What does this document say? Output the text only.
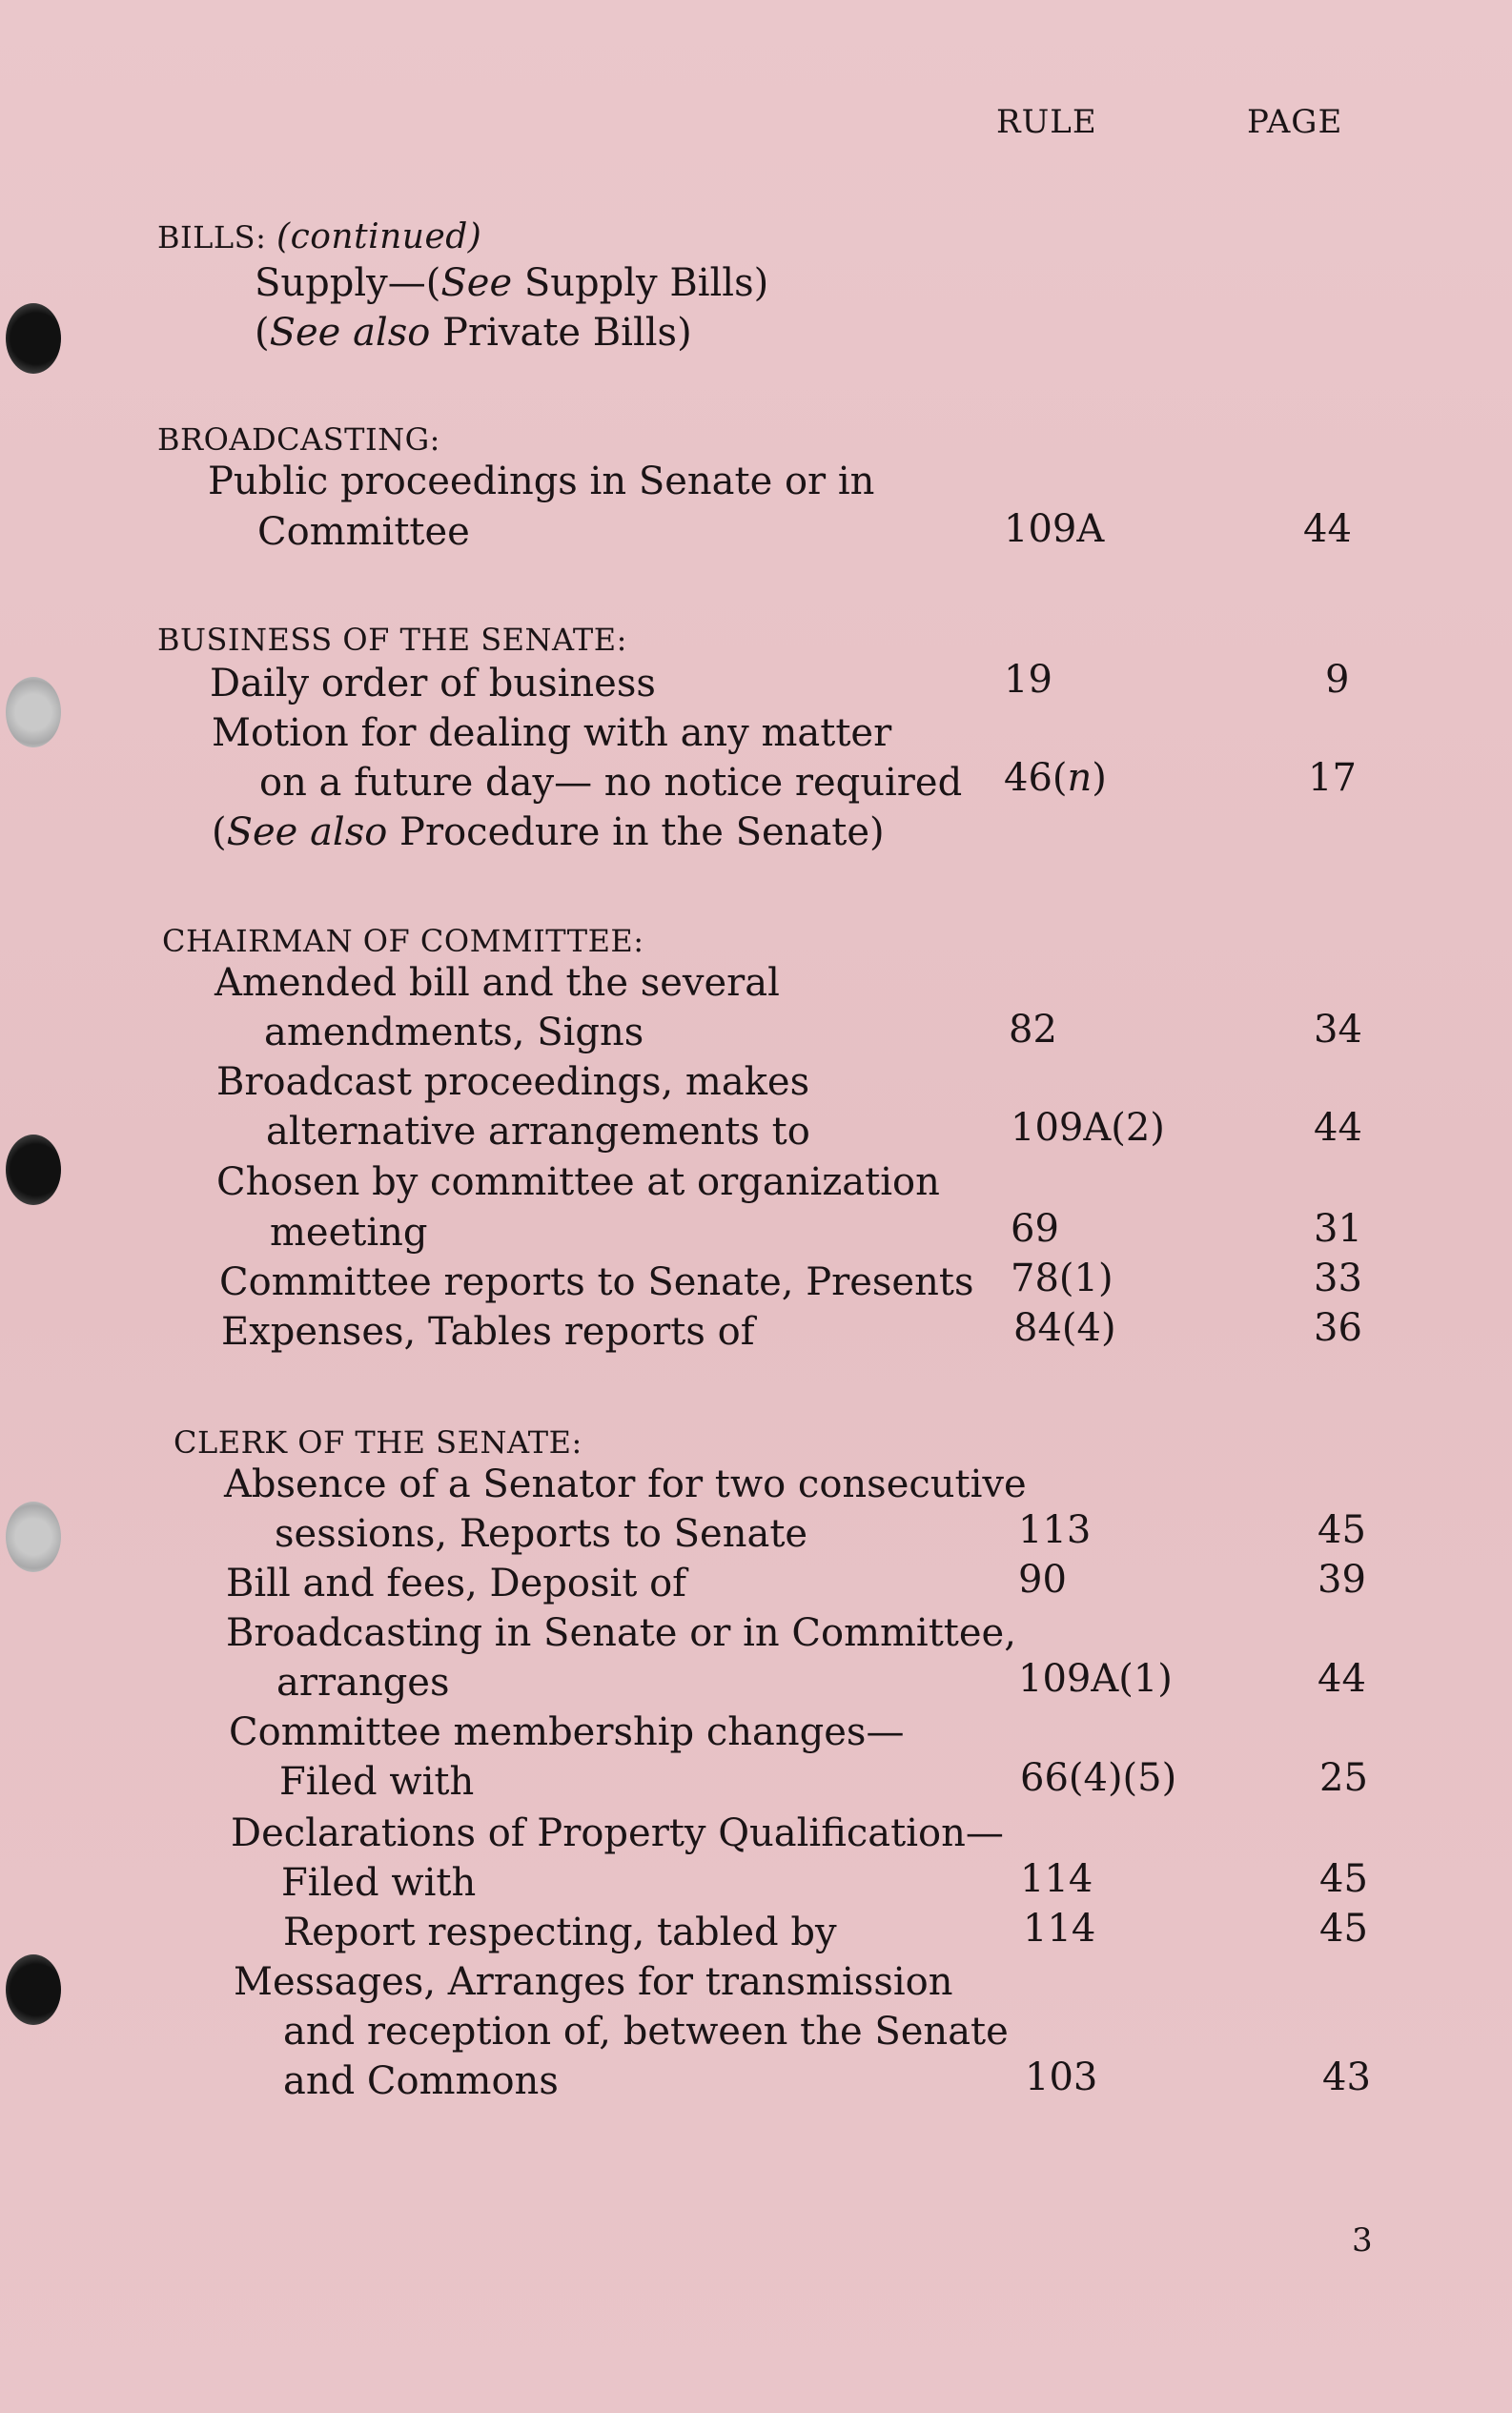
RULE	PAGE
BILLS: (continued)
Supply—(See Supply Bills)
(See also Private Bills)
BROADCASTING:
Public proceedings in Senate or in
Committee	109A	44
BUSINESS OF THE SENATE:
Daily order of business	19	9
Motion for dealing with any matter
on a future day— no notice required 46(n)	17
(See also Procedure in the Senate)
CHAIRMAN OF COMMITTEE:
Amended bill and the several
amendments, Signs	82	34
Broadcast proceedings, makes
alternative arrangements to	109A(2)	44
Chosen by committee at organization
meeting	69	31
Committee reports to Senate, Presents 78(1)	33
Expenses, Tables reports of	84(4)	36
CLERK OF THE SENATE:
Absence of a Senator for two consecutive
sessions, Reports to Senate	113	45
Bill and fees, Deposit of	90	39
Broadcasting in Senate or in Committee,
arranges	109A(1)	44
Committee membership changes—
Filed with	66(4)(5)	25
Declarations of Property Qualification—
Filed with	114	45
Report respecting, tabled by	114	45
Messages, Arranges for transmission
and reception of, between the Senate
and Commons	103	43
3
